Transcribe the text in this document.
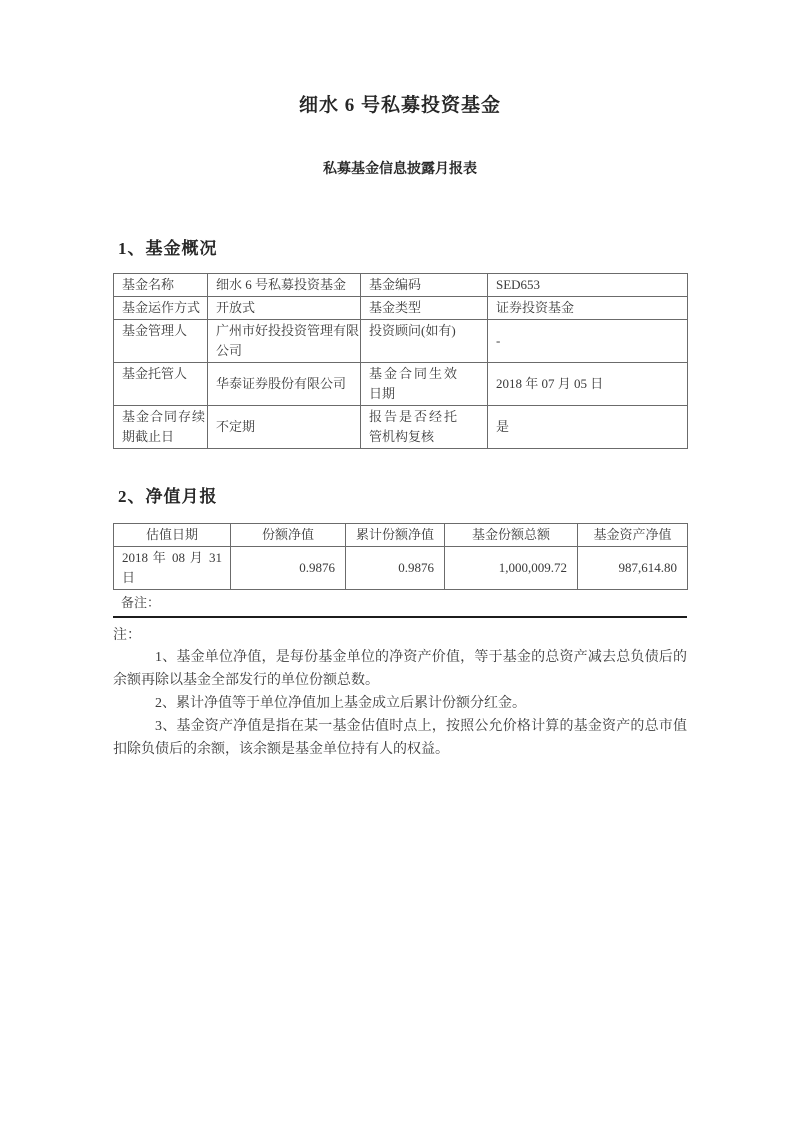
细水 6 号私募投资基金
私募基金信息披露月报表
1、基金概况
基金名称	细水 6 号私募投资基金	基金编码	SED653
基金运作方式	开放式	基金类型	证券投资基金
基金管理人	广州市好投投资管理有限公司	投资顾问(如有)	-
基金托管人	华泰证券股份有限公司	基金合同生效日期	2018 年 07 月 05 日
基金合同存续期截止日	不定期	报告是否经托管机构复核	是
2、净值月报
估值日期	份额净值	累计份额净值	基金份额总额	基金资产净值
2018 年 08 月 31 日	0.9876	0.9876	1,000,009.72	987,614.80
备注：
注：

1、基金单位净值，是每份基金单位的净资产价值，等于基金的总资产减去总负债后的余额再除以基金全部发行的单位份额总数。

2、累计净值等于单位净值加上基金成立后累计份额分红金。

3、基金资产净值是指在某一基金估值时点上，按照公允价格计算的基金资产的总市值扣除负债后的余额，该余额是基金单位持有人的权益。
